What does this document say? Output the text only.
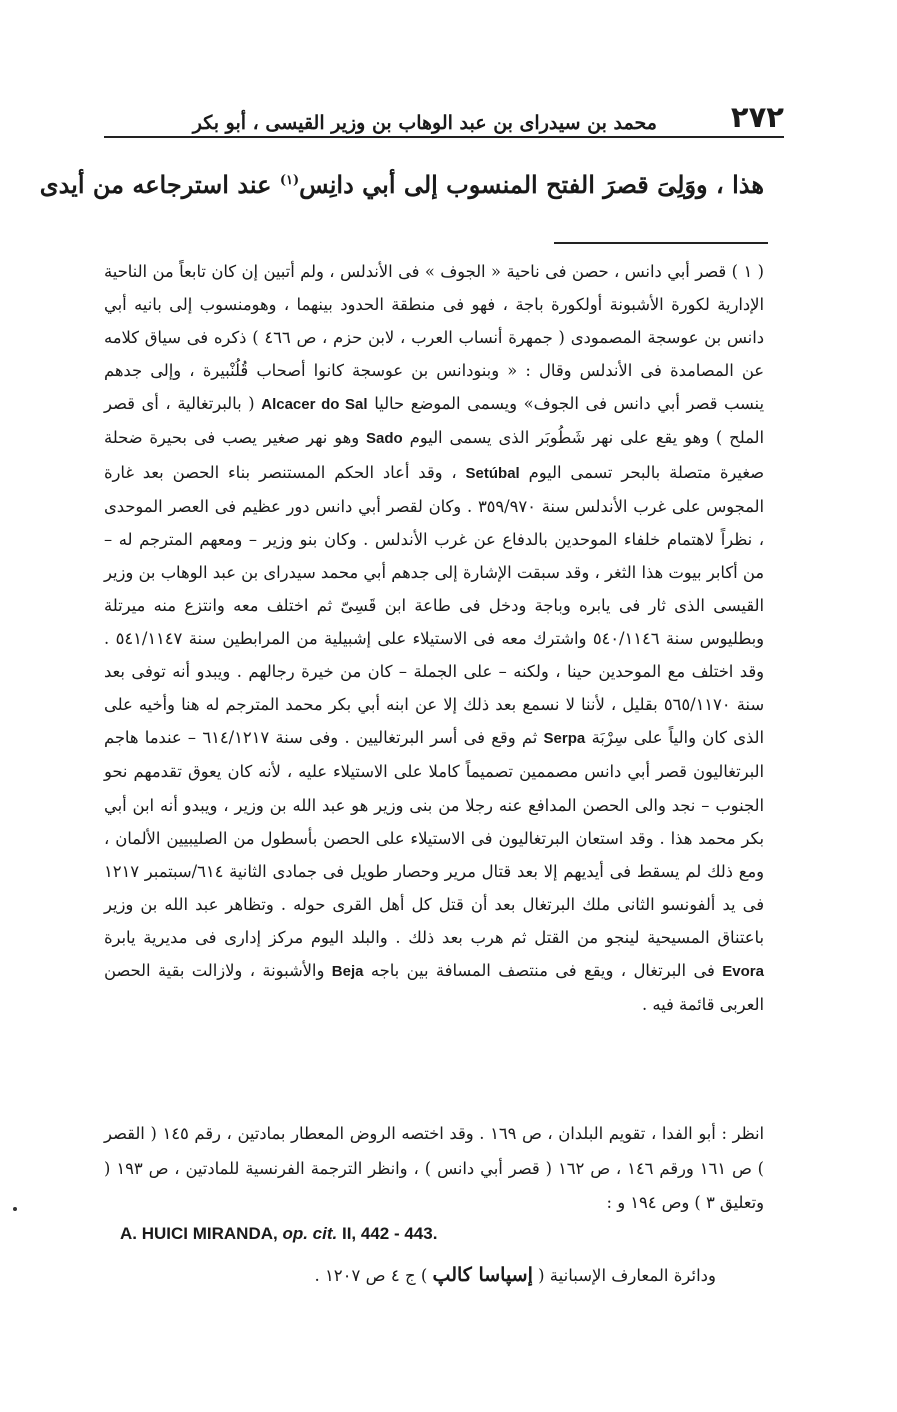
٢٧٢
محمد بن سيدراى بن عبد الوهاب بن وزير القيسى ، أبو بكر
هذا ، ووَلِىَ قصرَ الفتح المنسوب إلى أبي دانِس$^{(١)}$ عند استرجاعه من أيدى

( ١ ) قصر أبي دانس ، حصن فى ناحية « الجوف » فى الأندلس ، ولم أتبين إن كان تابعاً من الناحية الإدارية لكورة الأشبونة أولكورة باجة ، فهو فى منطقة الحدود بينهما ، وهومنسوب إلى بانيه أبي دانس بن عوسجة المصمودى ( جمهرة أنساب العرب ، لابن حزم ، ص ٤٦٦ ) ذكره فى سياق كلامه عن المصامدة فى الأندلس وقال : « وبنودانس بن عوسجة كانوا أصحاب قُلُنْبيرة ، وإلى جدهم ينسب قصر أبي دانس فى الجوف» ويسمى الموضع حاليا Alcacer do Sal ( بالبرتغالية ، أى قصر الملح ) وهو يقع على نهر شَطُوبَر الذى يسمى اليوم Sado وهو نهر صغير يصب فى بحيرة ضحلة صغيرة متصلة بالبحر تسمى اليوم Setúbal ، وقد أعاد الحكم المستنصر بناء الحصن بعد غارة المجوس على غرب الأندلس سنة ٣٥٩/٩٧٠ . وكان لقصر أبي دانس دور عظيم فى العصر الموحدى ، نظراً لاهتمام خلفاء الموحدين بالدفاع عن غرب الأندلس . وكان بنو وزير – ومعهم المترجم له – من أكابر بيوت هذا الثغر ، وقد سبقت الإشارة إلى جدهم أبي محمد سيدراى بن عبد الوهاب بن وزير القيسى الذى ثار فى يابره وباجة ودخل فى طاعة ابن قَسِىّ ثم اختلف معه وانتزع منه ميرتلة وبطليوس سنة ٥٤٠/١١٤٦ واشترك معه فى الاستيلاء على إشبيلية من المرابطين سنة ٥٤١/١١٤٧ . وقد اختلف مع الموحدين حينا ، ولكنه – على الجملة – كان من خيرة رجالهم . ويبدو أنه توفى بعد سنة ٥٦٥/١١٧٠ بقليل ، لأننا لا نسمع بعد ذلك إلا عن ابنه أبي بكر محمد المترجم له هنا وأخيه على الذى كان والياً على سِرْبَة Serpa ثم وقع فى أسر البرتغاليين . وفى سنة ٦١٤/١٢١٧ – عندما هاجم البرتغاليون قصر أبي دانس مصممين تصميماً كاملا على الاستيلاء عليه ، لأنه كان يعوق تقدمهم نحو الجنوب – نجد والى الحصن المدافع عنه رجلا من بنى وزير هو عبد الله بن وزير ، ويبدو أنه ابن أبي بكر محمد هذا . وقد استعان البرتغاليون فى الاستيلاء على الحصن بأسطول من الصليبيين الألمان ، ومع ذلك لم يسقط فى أيديهم إلا بعد قتال مرير وحصار طويل فى جمادى الثانية ٦١٤/سبتمبر ١٢١٧ فى يد ألفونسو الثانى ملك البرتغال بعد أن قتل كل أهل القرى حوله . وتظاهر عبد الله بن وزير باعتناق المسيحية لينجو من القتل ثم هرب بعد ذلك . والبلد اليوم مركز إدارى فى مديرية يابرة Evora فى البرتغال ، ويقع فى منتصف المسافة بين باجه Beja والأشبونة ، ولازالت بقية الحصن العربى قائمة فيه .

انظر : أبو الفدا ، تقويم البلدان ، ص ١٦٩ . وقد اختصه الروض المعطار بمادتين ، رقم ١٤٥ ( القصر ) ص ١٦١ ورقم ١٤٦ ، ص ١٦٢ ( قصر أبي دانس ) ، وانظر الترجمة الفرنسية للمادتين ، ص ١٩٣ ( وتعليق ٣ ) وص ١٩٤ و :

A. HUICI MIRANDA, op. cit. II, 442 - 443.
ودائرة المعارف الإسبانية ( إسپاسا كالپ ) ج ٤ ص ١٢٠٧ .
